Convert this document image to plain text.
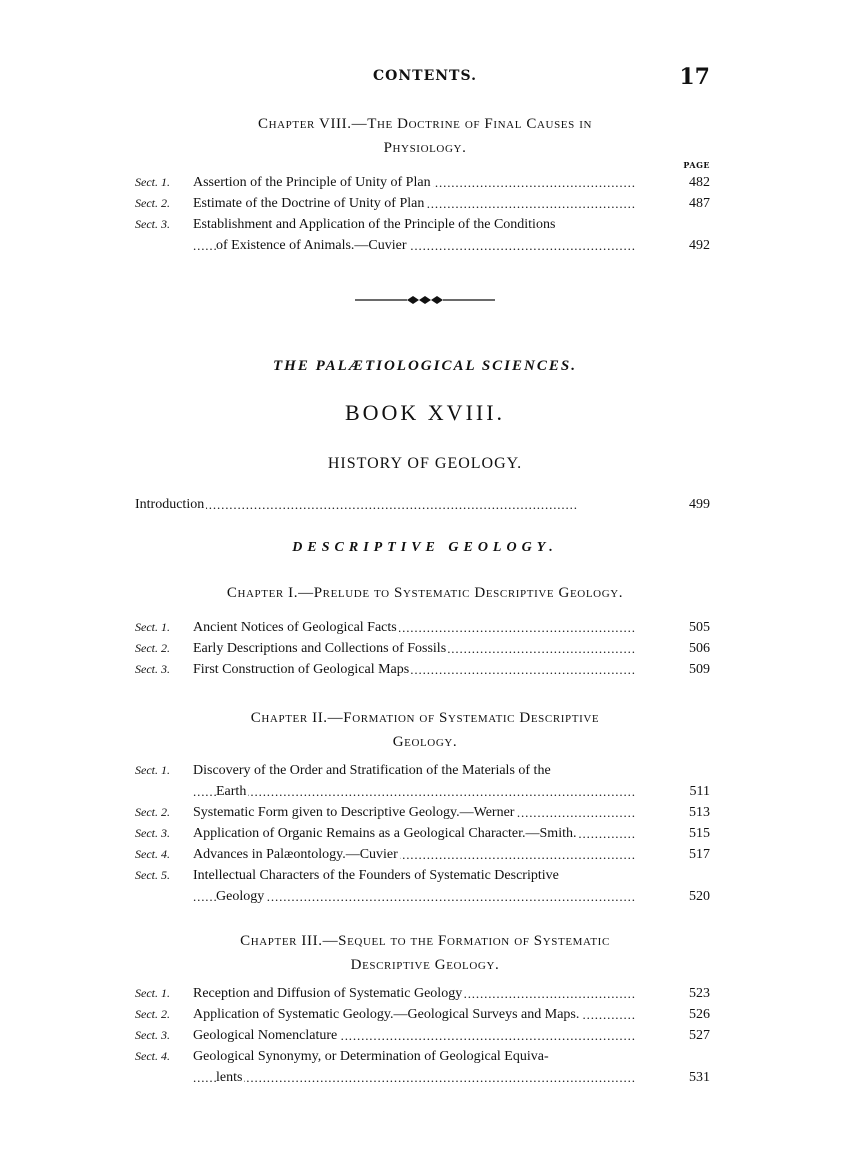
CONTENTS.	17
Chapter VIII.—The Doctrine of Final Causes in
Physiology.
PAGE
Sect. 1.	Assertion of the Principle of Unity of Plan	482
. . .
Sect. 2.	Estimate of the Doctrine of Unity of Plan	487
. . .
Sect. 3.	Establishment and Application of the Principle of the Conditions
of Existence of Animals.—Cuvier	492
. . .
THE PALÆTIOLOGICAL SCIENCES.
BOOK XVIII.
HISTORY OF GEOLOGY.
Introduction	499
. . .
DESCRIPTIVE GEOLOGY.
Chapter I.—Prelude to Systematic Descriptive Geology.
Sect. 1.	Ancient Notices of Geological Facts	505
. . .
Sect. 2.	Early Descriptions and Collections of Fossils	506
. . .
Sect. 3.	First Construction of Geological Maps	509
. . .
Chapter II.—Formation of Systematic Descriptive
Geology.
Sect. 1.	Discovery of the Order and Stratification of the Materials of the
Earth	511
. . .
Sect. 2.	Systematic Form given to Descriptive Geology.—Werner	513
. . .
Sect. 3.	Application of Organic Remains as a Geological Character.—Smith.	515
. . .
Sect. 4.	Advances in Palæontology.—Cuvier	517
. . .
Sect. 5.	Intellectual Characters of the Founders of Systematic Descriptive
Geology	520
. . .
Chapter III.—Sequel to the Formation of Systematic
Descriptive Geology.
Sect. 1.	Reception and Diffusion of Systematic Geology	523
. . .
Sect. 2.	Application of Systematic Geology.—Geological Surveys and Maps.	526
. . .
Sect. 3.	Geological Nomenclature	527
. . .
Sect. 4.	Geological Synonymy, or Determination of Geological Equiva-
lents	531
. . .
